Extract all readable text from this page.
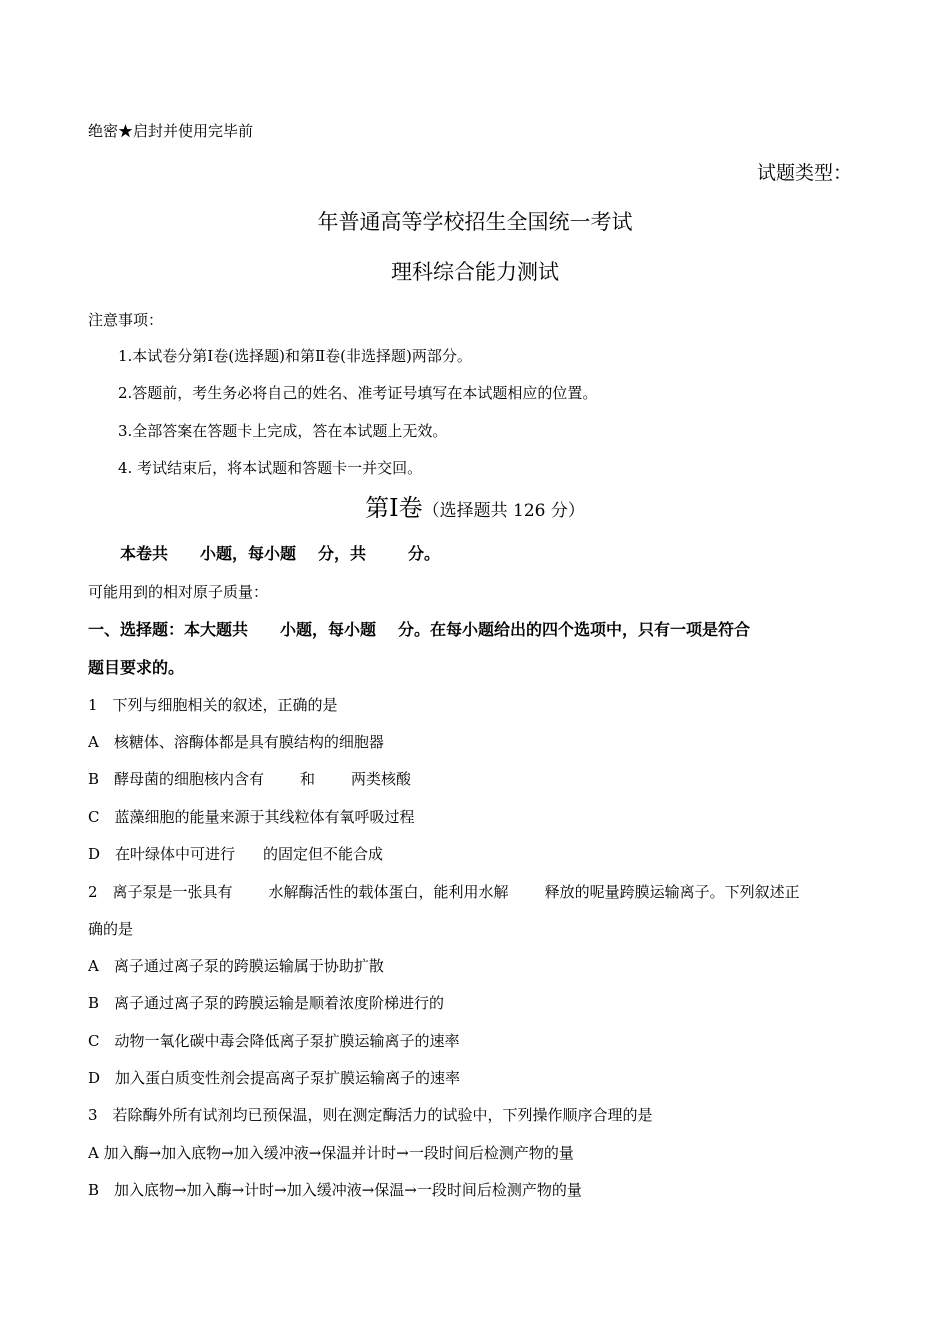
绝密★启封并使用完毕前
试题类型：
年普通高等学校招生全国统一考试
理科综合能力测试
注意事项：
1.本试卷分第Ⅰ卷(选择题)和第Ⅱ卷(非选择题)两部分。
2.答题前，考生务必将自己的姓名、准考证号填写在本试题相应的位置。
3.全部答案在答题卡上完成，答在本试题上无效。
4. 考试结束后，将本试题和答题卡一并交回。
第Ⅰ卷（选择题共 126 分）
本卷共 小题，每小题 分，共	分。
可能用到的相对原子质量：
一、选择题：本大题共 小题，每小题 分。在每小题给出的四个选项中，只有一项是符合
题目要求的。
1　下列与细胞相关的叙述，正确的是
A　核糖体、溶酶体都是具有膜结构的细胞器
B　酵母菌的细胞核内含有 和 两类核酸
C　蓝藻细胞的能量来源于其线粒体有氧呼吸过程
D　在叶绿体中可进行 的固定但不能合成
2　离子泵是一张具有 水解酶活性的载体蛋白，能利用水解 释放的呢量跨膜运输离子。下列叙述正
确的是
A　离子通过离子泵的跨膜运输属于协助扩散
B　离子通过离子泵的跨膜运输是顺着浓度阶梯进行的
C　动物一氧化碳中毒会降低离子泵扩膜运输离子的速率
D　加入蛋白质变性剂会提高离子泵扩膜运输离子的速率
3　若除酶外所有试剂均已预保温，则在测定酶活力的试验中，下列操作顺序合理的是
A 加入酶→加入底物→加入缓冲液→保温并计时→一段时间后检测产物的量
B　加入底物→加入酶→计时→加入缓冲液→保温→一段时间后检测产物的量
